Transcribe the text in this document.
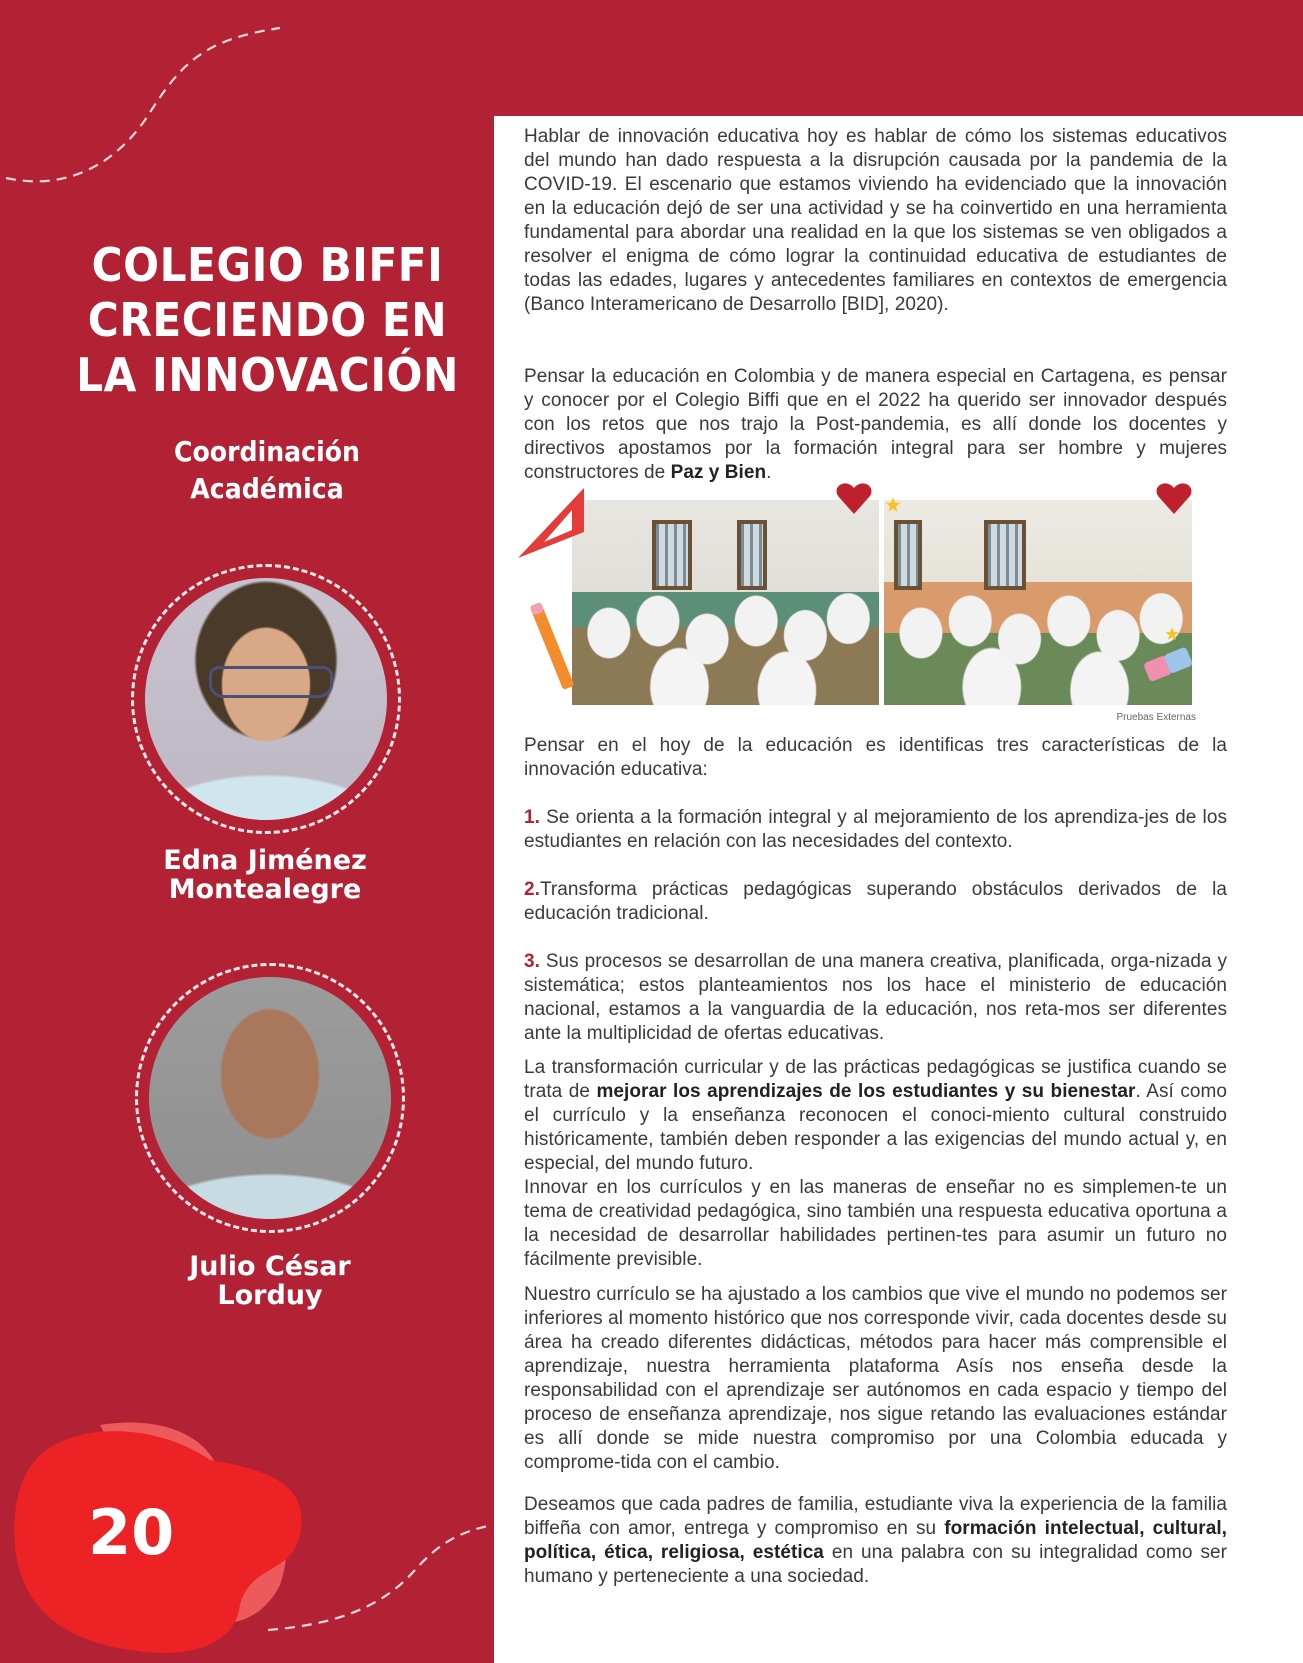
COLEGIO BIFFI
CRECIENDO EN
LA INNOVACIÓN
Coordinación
Académica
Edna Jiménez
Montealegre
Julio César
Lorduy
20

Hablar de innovación educativa hoy es hablar de cómo los sistemas educativos del mundo han dado respuesta a la disrupción causada por la pandemia de la COVID-19. El escenario que estamos viviendo ha evidenciado que la innovación en la educación dejó de ser una actividad y se ha coinvertido en una herramienta fundamental para abordar una realidad en la que los sistemas se ven obligados a resolver el enigma de cómo lograr la continuidad educativa de estudiantes de todas las edades, lugares y antecedentes familiares en contextos de emergencia (Banco Interamericano de Desarrollo [BID], 2020).

Pensar la educación en Colombia y de manera especial en Cartagena, es pensar y conocer por el Colegio Biffi que en el 2022 ha querido ser innovador después con los retos que nos trajo la Post-pandemia, es allí donde los docentes y directivos apostamos por la formación integral para ser hombre y mujeres constructores de Paz y Bien.

Pruebas Externas

Pensar en el hoy de la educación es identificas tres características de la innovación educativa:

1. Se orienta a la formación integral y al mejoramiento de los aprendiza-jes de los estudiantes en relación con las necesidades del contexto.

2.Transforma prácticas pedagógicas superando obstáculos derivados de la educación tradicional.

3. Sus procesos se desarrollan de una manera creativa, planificada, orga-nizada y sistemática; estos planteamientos nos los hace el ministerio de educación nacional, estamos a la vanguardia de la educación, nos reta-mos ser diferentes ante la multiplicidad de ofertas educativas.

La transformación curricular y de las prácticas pedagógicas se justifica cuando se trata de mejorar los aprendizajes de los estudiantes y su bienestar. Así como el currículo y la enseñanza reconocen el conoci-miento cultural construido históricamente, también deben responder a las exigencias del mundo actual y, en especial, del mundo futuro.
Innovar en los currículos y en las maneras de enseñar no es simplemen-te un tema de creatividad pedagógica, sino también una respuesta educativa oportuna a la necesidad de desarrollar habilidades pertinen-tes para asumir un futuro no fácilmente previsible.

Nuestro currículo se ha ajustado a los cambios que vive el mundo no podemos ser inferiores al momento histórico que nos corresponde vivir, cada docentes desde su área ha creado diferentes didácticas, métodos para hacer más comprensible el aprendizaje, nuestra herramienta plataforma Asís nos enseña desde la responsabilidad con el aprendizaje ser autónomos en cada espacio y tiempo del proceso de enseñanza aprendizaje, nos sigue retando las evaluaciones estándar es allí donde se mide nuestra compromiso por una Colombia educada y comprome-tida con el cambio.

Deseamos que cada padres de familia, estudiante viva la experiencia de la familia biffeña con amor, entrega y compromiso en su formación intelectual, cultural, política, ética, religiosa, estética en una palabra con su integralidad como ser humano y perteneciente a una sociedad.
